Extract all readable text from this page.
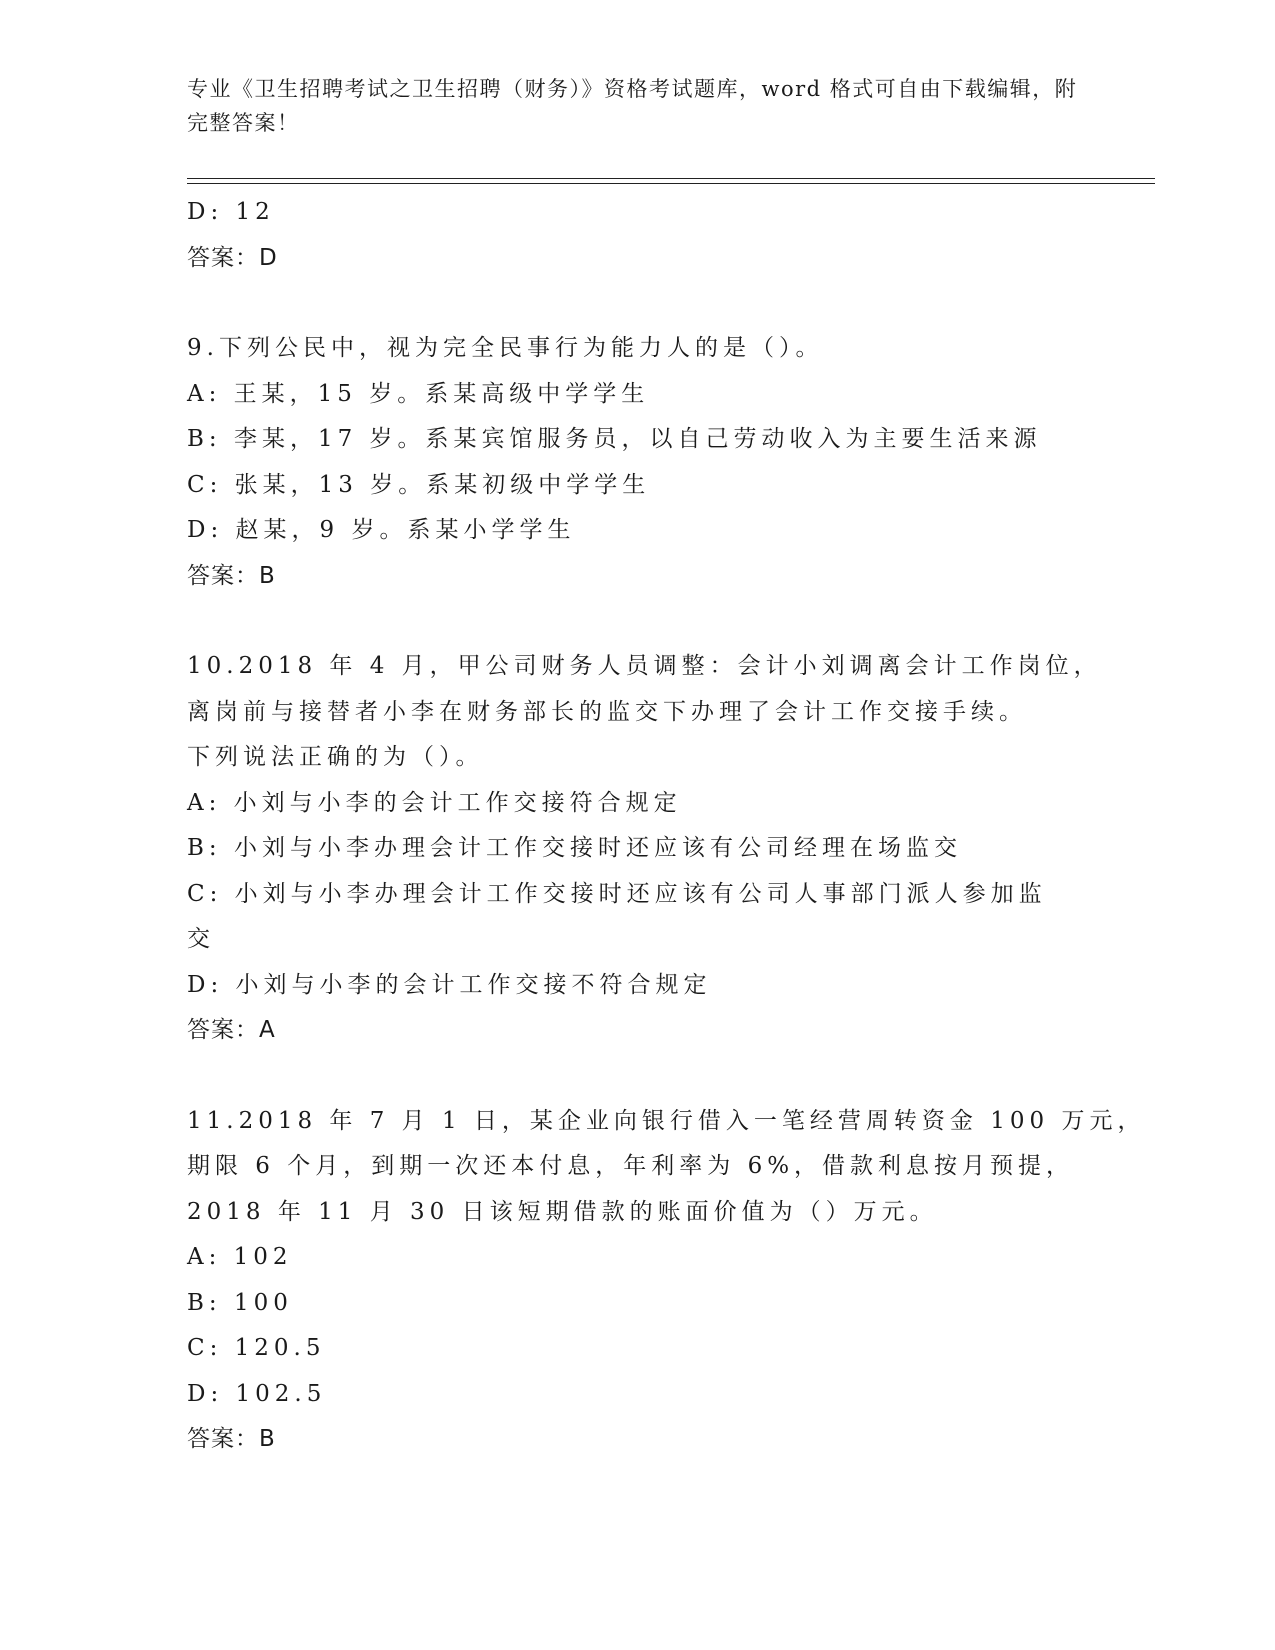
专业《卫生招聘考试之卫生招聘（财务）》资格考试题库，word 格式可自由下载编辑，附完整答案！
D: 12
答案：D
9.下列公民中，视为完全民事行为能力人的是（）。
A: 王某，15 岁。系某高级中学学生
B: 李某，17 岁。系某宾馆服务员，以自己劳动收入为主要生活来源
C: 张某，13 岁。系某初级中学学生
D: 赵某，9 岁。系某小学学生
答案：B
10.2018 年 4 月，甲公司财务人员调整：会计小刘调离会计工作岗位，
离岗前与接替者小李在财务部长的监交下办理了会计工作交接手续。
下列说法正确的为（）。
A: 小刘与小李的会计工作交接符合规定
B: 小刘与小李办理会计工作交接时还应该有公司经理在场监交
C: 小刘与小李办理会计工作交接时还应该有公司人事部门派人参加监
交
D: 小刘与小李的会计工作交接不符合规定
答案：A
11.2018 年 7 月 1 日，某企业向银行借入一笔经营周转资金 100 万元，
期限 6 个月，到期一次还本付息，年利率为 6%，借款利息按月预提，
2018 年 11 月 30 日该短期借款的账面价值为（）万元。
A: 102
B: 100
C: 120.5
D: 102.5
答案：B
